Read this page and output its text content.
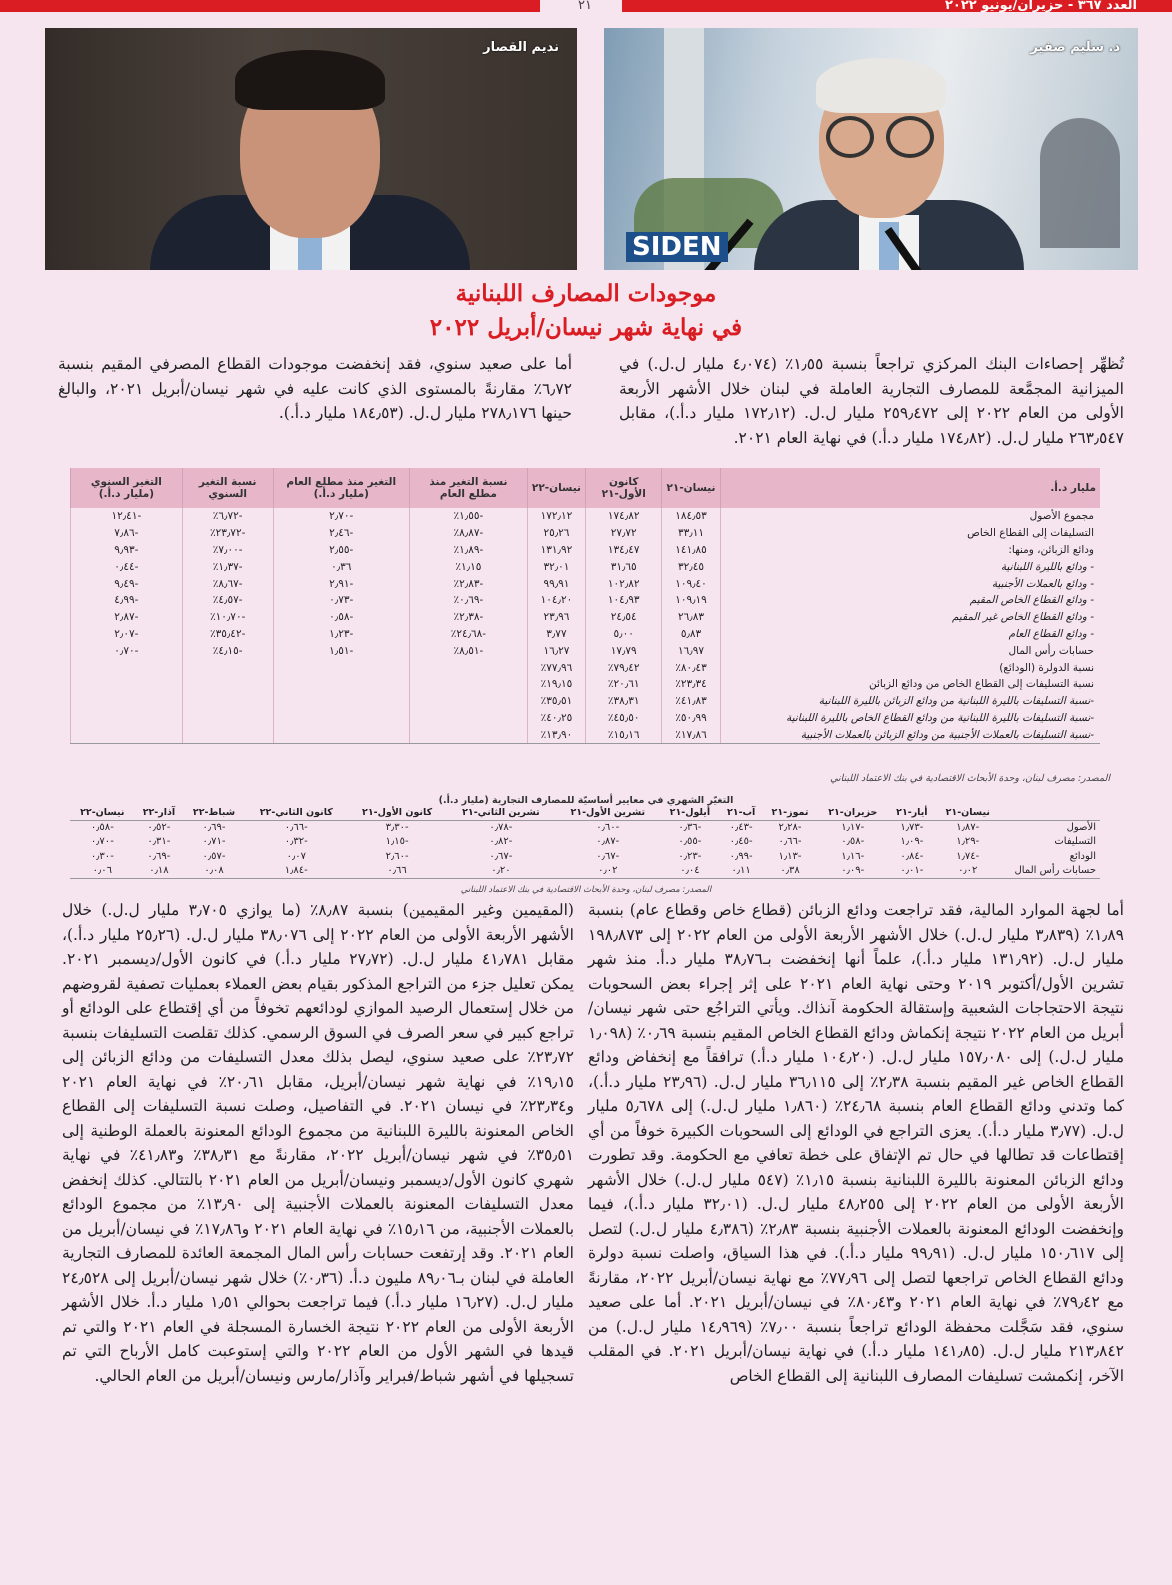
العدد ٣٦٧ - حزيران/يونيو ٢٠٢٢
٢١
SIDEN
د. سليم صفير
نديم القصار
موجودات المصارف اللبنانية
في نهاية شهر نيسان/أبريل ٢٠٢٢

تُظهِّر إحصاءات البنك المركزي تراجعاً بنسبة ١٫٥٥٪ (٤٫٠٧٤ مليار ل.ل.) في الميزانية المجمَّعة للمصارف التجارية العاملة في لبنان خلال الأشهر الأربعة الأولى من العام ٢٠٢٢ إلى ٢٥٩٫٤٧٢ مليار ل.ل. (١٧٢٫١٢ مليار د.أ.)، مقابل ٢٦٣٫٥٤٧ مليار ل.ل. (١٧٤٫٨٢ مليار د.أ.) في نهاية العام ٢٠٢١.

أما على صعيد سنوي، فقد إنخفضت موجودات القطاع المصرفي المقيم بنسبة ٦٫٧٢٪ مقارنةً بالمستوى الذي كانت عليه في شهر نيسان/أبريل ٢٠٢١، والبالغ حينها ٢٧٨٫١٧٦ مليار ل.ل. (١٨٤٫٥٣ مليار د.أ.).

مليار د.أ.	نيسان-٢١	كانون الأول-٢١	نيسان-٢٢	نسبة التغير منذ مطلع العام	التغير منذ مطلع العام (مليار د.أ.)	نسبة التغير السنوي	التغير السنوي (مليار د.أ.)
مجموع الأصول	١٨٤٫٥٣	١٧٤٫٨٢	١٧٢٫١٢	-١٫٥٥٪	-٢٫٧٠	-٦٫٧٢٪	-١٢٫٤١
التسليفات إلى القطاع الخاص	٣٣٫١١	٢٧٫٧٢	٢٥٫٢٦	-٨٫٨٧٪	-٢٫٤٦	-٢٣٫٧٢٪	-٧٫٨٦
ودائع الزبائن، ومنها:	١٤١٫٨٥	١٣٤٫٤٧	١٣١٫٩٢	-١٫٨٩٪	-٢٫٥٥	-٧٫٠٠٪	-٩٫٩٣
- ودائع بالليرة اللبنانية	٣٢٫٤٥	٣١٫٦٥	٣٢٫٠١	١٫١٥٪	٠٫٣٦	-١٫٣٧٪	-٠٫٤٤
- ودائع بالعملات الأجنبية	١٠٩٫٤٠	١٠٢٫٨٢	٩٩٫٩١	-٢٫٨٣٪	-٢٫٩١	-٨٫٦٧٪	-٩٫٤٩
- ودائع القطاع الخاص المقيم	١٠٩٫١٩	١٠٤٫٩٣	١٠٤٫٢٠	-٠٫٦٩٪	-٠٫٧٣	-٤٫٥٧٪	-٤٫٩٩
- ودائع القطاع الخاص غير المقيم	٢٦٫٨٣	٢٤٫٥٤	٢٣٫٩٦	-٢٫٣٨٪	-٠٫٥٨	-١٠٫٧٠٪	-٢٫٨٧
- ودائع القطاع العام	٥٫٨٣	٥٫٠٠	٣٫٧٧	-٢٤٫٦٨٪	-١٫٢٣	-٣٥٫٤٢٪	-٢٫٠٧
حسابات رأس المال	١٦٫٩٧	١٧٫٧٩	١٦٫٢٧	-٨٫٥١٪	-١٫٥١	-٤٫١٥٪	-٠٫٧٠
نسبة الدولرة (الودائع)	٨٠٫٤٣٪	٧٩٫٤٢٪	٧٧٫٩٦٪				
نسبة التسليفات إلى القطاع الخاص من ودائع الزبائن	٢٣٫٣٤٪	٢٠٫٦١٪	١٩٫١٥٪				
-نسبة التسليفات بالليرة اللبنانية من ودائع الزبائن بالليرة اللبنانية	٤١٫٨٣٪	٣٨٫٣١٪	٣٥٫٥١٪				
-نسبة التسليفات بالليرة اللبنانية من ودائع القطاع الخاص بالليرة اللبنانية	٥٠٫٩٩٪	٤٥٫٥٠٪	٤٠٫٢٥٪				
-نسبة التسليفات بالعملات الأجنبية من ودائع الزبائن بالعملات الأجنبية	١٧٫٨٦٪	١٥٫١٦٪	١٣٫٩٠٪				
المصدر: مصرف لبنان، وحدة الأبحاث الاقتصادية في بنك الاعتماد اللبناني
التغيّر الشهري في معايير أساسيّة للمصارف التجارية (مليار د.أ.)
	نيسان-٢١	أيار-٢١	حزيران-٢١	تموز-٢١	آب-٢١	أيلول-٢١	تشرين الأول-٢١	تشرين الثاني-٢١	كانون الأول-٢١	كانون الثاني-٢٢	شباط-٢٢	آذار-٢٢	نيسان-٢٢
الأصول	-١٫٨٧	-١٫٧٣	-١٫١٧	-٢٫٢٨	-٠٫٤٣	-٠٫٣٦	-٠٫٦٠	-٠٫٧٨	-٣٫٣٠	-٠٫٦٦	-٠٫٦٩	-٠٫٥٢	-٠٫٥٨
التسليفات	-١٫٢٩	-١٫٠٩	-٠٫٥٨	-٠٫٦٦	-٠٫٤٥	-٠٫٥٥	-٠٫٨٧	-٠٫٨٢	-١٫١٥	-٠٫٣٢	-٠٫٧١	-٠٫٣١	-٠٫٧٠
الودائع	-١٫٧٤	-٠٫٨٤	-١٫١٦	-١٫١٣	-٠٫٩٩	-٠٫٢٣	-٠٫٦٧	-٠٫٦٧	-٢٫٦٠	٠٫٠٧	-٠٫٥٧	-٠٫٦٩	-٠٫٣٠
حسابات رأس المال	٠٫٠٢	-٠٫٠١	-٠٫٠٩	٠٫٣٨	٠٫١١	٠٫٠٤	٠٫٠٢	٠٫٢٠	٠٫٦٦	-١٫٨٤	٠٫٠٨	٠٫١٨	٠٫٠٦
المصدر: مصرف لبنان، وحدة الأبحاث الاقتصادية في بنك الاعتماد اللبناني

أما لجهة الموارد المالية، فقد تراجعت ودائع الزبائن (قطاع خاص وقطاع عام) بنسبة ١٫٨٩٪ (٣٫٨٣٩ مليار ل.ل.) خلال الأشهر الأربعة الأولى من العام ٢٠٢٢ إلى ١٩٨٫٨٧٣ مليار ل.ل. (١٣١٫٩٢ مليار د.أ.)، علماً أنها إنخفضت بـ٣٨٫٧٦ مليار د.أ. منذ شهر تشرين الأول/أكتوبر ٢٠١٩ وحتى نهاية العام ٢٠٢١ على إثر إجراء بعض السحوبات نتيجة الاحتجاجات الشعبية وإستقالة الحكومة آنذاك. ويأتي التراجُع حتى شهر نيسان/أبريل من العام ٢٠٢٢ نتيجة إنكماش ودائع القطاع الخاص المقيم بنسبة ٠٫٦٩٪ (١٫٠٩٨ مليار ل.ل.) إلى ١٥٧٫٠٨٠ مليار ل.ل. (١٠٤٫٢٠ مليار د.أ.) ترافقاً مع إنخفاض ودائع القطاع الخاص غير المقيم بنسبة ٢٫٣٨٪ إلى ٣٦٫١١٥ مليار ل.ل. (٢٣٫٩٦ مليار د.أ.)، كما وتدني ودائع القطاع العام بنسبة ٢٤٫٦٨٪ (١٫٨٦٠ مليار ل.ل.) إلى ٥٫٦٧٨ مليار ل.ل. (٣٫٧٧ مليار د.أ.). يعزى التراجع في الودائع إلى السحوبات الكبيرة خوفاً من أي إقتطاعات قد تطالها في حال تم الإتفاق على خطة تعافي مع الحكومة. وقد تطورت ودائع الزبائن المعنونة بالليرة اللبنانية بنسبة ١٫١٥٪ (٥٤٧ مليار ل.ل.) خلال الأشهر الأربعة الأولى من العام ٢٠٢٢ إلى ٤٨٫٢٥٥ مليار ل.ل. (٣٢٫٠١ مليار د.أ.)، فيما وإنخفضت الودائع المعنونة بالعملات الأجنبية بنسبة ٢٫٨٣٪ (٤٫٣٨٦ مليار ل.ل.) لتصل إلى ١٥٠٫٦١٧ مليار ل.ل. (٩٩٫٩١ مليار د.أ.). في هذا السياق، واصلت نسبة دولرة ودائع القطاع الخاص تراجعها لتصل إلى ٧٧٫٩٦٪ مع نهاية نيسان/أبريل ٢٠٢٢، مقارنةً مع ٧٩٫٤٢٪ في نهاية العام ٢٠٢١ و٨٠٫٤٣٪ في نيسان/أبريل ٢٠٢١. أما على صعيد سنوي، فقد سَجَّلت محفظة الودائع تراجعاً بنسبة ٧٫٠٠٪ (١٤٫٩٦٩ مليار ل.ل.) من ٢١٣٫٨٤٢ مليار ل.ل. (١٤١٫٨٥ مليار د.أ.) في نهاية نيسان/أبريل ٢٠٢١. في المقلب الآخر، إنكمشت تسليفات المصارف اللبنانية إلى القطاع الخاص

(المقيمين وغير المقيمين) بنسبة ٨٫٨٧٪ (ما يوازي ٣٫٧٠٥ مليار ل.ل.) خلال الأشهر الأربعة الأولى من العام ٢٠٢٢ إلى ٣٨٫٠٧٦ مليار ل.ل. (٢٥٫٢٦ مليار د.أ.)، مقابل ٤١٫٧٨١ مليار ل.ل. (٢٧٫٧٢ مليار د.أ.) في كانون الأول/ديسمبر ٢٠٢١. يمكن تعليل جزء من التراجع المذكور بقيام بعض العملاء بعمليات تصفية لقروضهم من خلال إستعمال الرصيد الموازي لودائعهم تخوفاً من أي إقتطاع على الودائع أو تراجع كبير في سعر الصرف في السوق الرسمي. كذلك تقلصت التسليفات بنسبة ٢٣٫٧٢٪ على صعيد سنوي، ليصل بذلك معدل التسليفات من ودائع الزبائن إلى ١٩٫١٥٪ في نهاية شهر نيسان/أبريل، مقابل ٢٠٫٦١٪ في نهاية العام ٢٠٢١ و٢٣٫٣٤٪ في نيسان ٢٠٢١. في التفاصيل، وصلت نسبة التسليفات إلى القطاع الخاص المعنونة بالليرة اللبنانية من مجموع الودائع المعنونة بالعملة الوطنية إلى ٣٥٫٥١٪ في شهر نيسان/أبريل ٢٠٢٢، مقارنةً مع ٣٨٫٣١٪ و٤١٫٨٣٪ في نهاية شهري كانون الأول/ديسمبر ونيسان/أبريل من العام ٢٠٢١ بالتتالي. كذلك إنخفض معدل التسليفات المعنونة بالعملات الأجنبية إلى ١٣٫٩٠٪ من مجموع الودائع بالعملات الأجنبية، من ١٥٫١٦٪ في نهاية العام ٢٠٢١ و١٧٫٨٦٪ في نيسان/أبريل من العام ٢٠٢١. وقد إرتفعت حسابات رأس المال المجمعة العائدة للمصارف التجارية العاملة في لبنان بـ٨٩٫٠٦ مليون د.أ. (٠٫٣٦٪) خلال شهر نيسان/أبريل إلى ٢٤٫٥٢٨ مليار ل.ل. (١٦٫٢٧ مليار د.أ.) فيما تراجعت بحوالي ١٫٥١ مليار د.أ. خلال الأشهر الأربعة الأولى من العام ٢٠٢٢ نتيجة الخسارة المسجلة في العام ٢٠٢١ والتي تم قيدها في الشهر الأول من العام ٢٠٢٢ والتي إستوعبت كامل الأرباح التي تم تسجيلها في أشهر شباط/فبراير وآذار/مارس ونيسان/أبريل من العام الحالي.
